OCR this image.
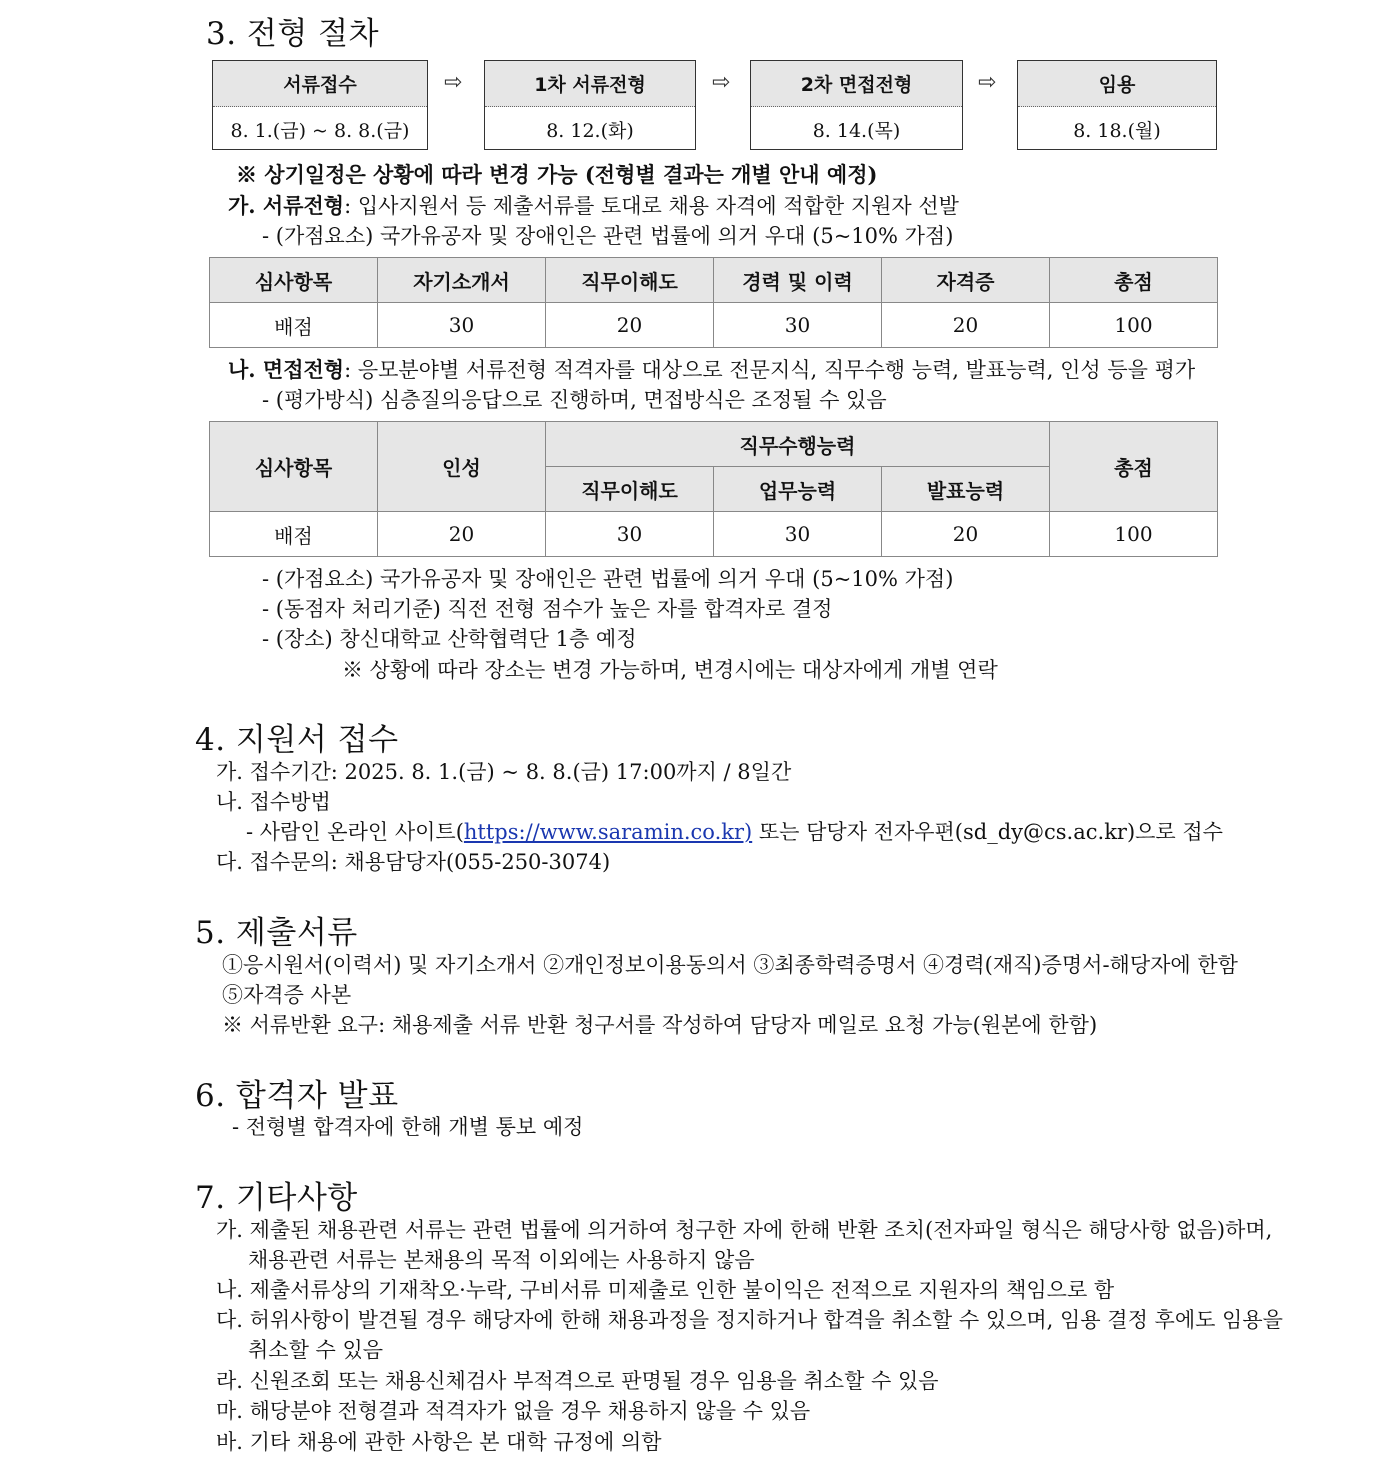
3. 전형 절차
서류접수
8. 1.(금) ~ 8. 8.(금)
⇨	1차 서류전형
8. 12.(화)
⇨	2차 면접전형
8. 14.(목)
⇨	임용
8. 18.(월)
※ 상기일정은 상황에 따라 변경 가능 (전형별 결과는 개별 안내 예정)
가. 서류전형: 입사지원서 등 제출서류를 토대로 채용 자격에 적합한 지원자 선발
- (가점요소) 국가유공자 및 장애인은 관련 법률에 의거 우대 (5~10% 가점)
심사항목	자기소개서	직무이해도	경력 및 이력	자격증	총점
배점	30	20	30	20	100
나. 면접전형: 응모분야별 서류전형 적격자를 대상으로 전문지식, 직무수행 능력, 발표능력, 인성 등을 평가
- (평가방식) 심층질의응답으로 진행하며, 면접방식은 조정될 수 있음
심사항목	인성	직무수행능력			총점
		직무이해도	업무능력	발표능력	
배점	20	30	30	20	100
- (가점요소) 국가유공자 및 장애인은 관련 법률에 의거 우대 (5~10% 가점)
- (동점자 처리기준) 직전 전형 점수가 높은 자를 합격자로 결정
- (장소) 창신대학교 산학협력단 1층 예정
※ 상황에 따라 장소는 변경 가능하며, 변경시에는 대상자에게 개별 연락
4. 지원서 접수
가. 접수기간: 2025. 8. 1.(금) ~ 8. 8.(금) 17:00까지 / 8일간
나. 접수방법
- 사람인 온라인 사이트(https://www.saramin.co.kr) 또는 담당자 전자우편(sd_dy@cs.ac.kr)으로 접수
다. 접수문의: 채용담당자(055-250-3074)
5. 제출서류
①응시원서(이력서) 및 자기소개서 ②개인정보이용동의서 ③최종학력증명서 ④경력(재직)증명서-해당자에 한함
⑤자격증 사본
※ 서류반환 요구: 채용제출 서류 반환 청구서를 작성하여 담당자 메일로 요청 가능(원본에 한함)
6. 합격자 발표
- 전형별 합격자에 한해 개별 통보 예정
7. 기타사항
가. 제출된 채용관련 서류는 관련 법률에 의거하여 청구한 자에 한해 반환 조치(전자파일 형식은 해당사항 없음)하며,
채용관련 서류는 본채용의 목적 이외에는 사용하지 않음
나. 제출서류상의 기재착오·누락, 구비서류 미제출로 인한 불이익은 전적으로 지원자의 책임으로 함
다. 허위사항이 발견될 경우 해당자에 한해 채용과정을 정지하거나 합격을 취소할 수 있으며, 임용 결정 후에도 임용을
취소할 수 있음
라. 신원조회 또는 채용신체검사 부적격으로 판명될 경우 임용을 취소할 수 있음
마. 해당분야 전형결과 적격자가 없을 경우 채용하지 않을 수 있음
바. 기타 채용에 관한 사항은 본 대학 규정에 의함
